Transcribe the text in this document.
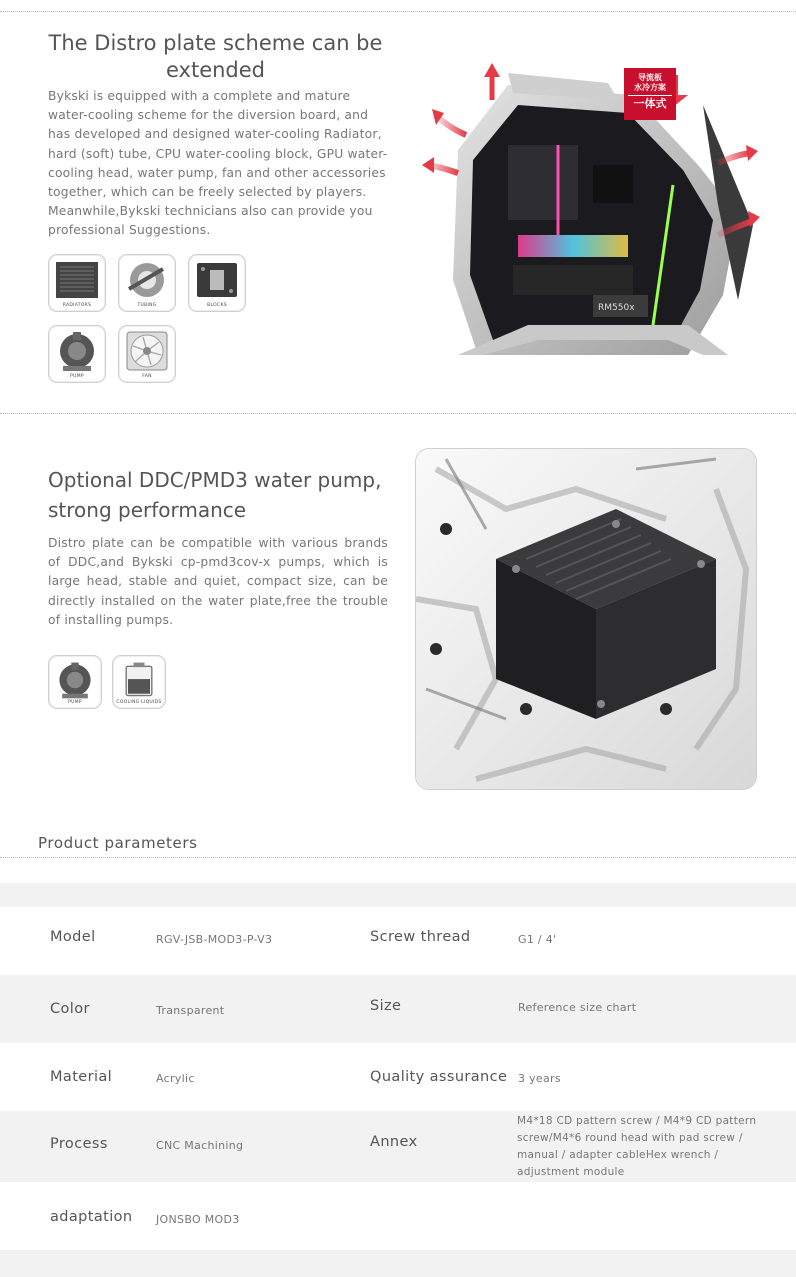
The Distro plate scheme can be extended
Bykski is equipped with a complete and mature water-cooling scheme for the diversion board, and has developed and designed water-cooling Radiator, hard (soft) tube, CPU water-cooling block, GPU water-cooling head, water pump, fan and other accessories together, which can be freely selected by players. Meanwhile,Bykski technicians also can provide you professional Suggestions.
RADIATORS	TUBING	BLOCKS
PUMP	FAN
RM550x
导流板
水冷方案
一体式
Optional DDC/PMD3 water pump, strong performance
Distro plate can be compatible with various brands of DDC,and Bykski cp-pmd3cov-x pumps, which is large head, stable and quiet, compact size, can be directly installed on the water plate,free the trouble of installing pumps.
PUMP	COOLING LIQUIDS
Product parameters
Model	RGV-JSB-MOD3-P-V3	Screw thread	G1 / 4'
Color	Transparent	Size	Reference size chart
Material	Acrylic	Quality assurance 3 years
Process	CNC Machining	Annex
M4*18 CD pattern screw / M4*9 CD pattern screw/M4*6 round head with pad screw / manual / adapter cableHex wrench / adjustment module
adaptation JONSBO MOD3
